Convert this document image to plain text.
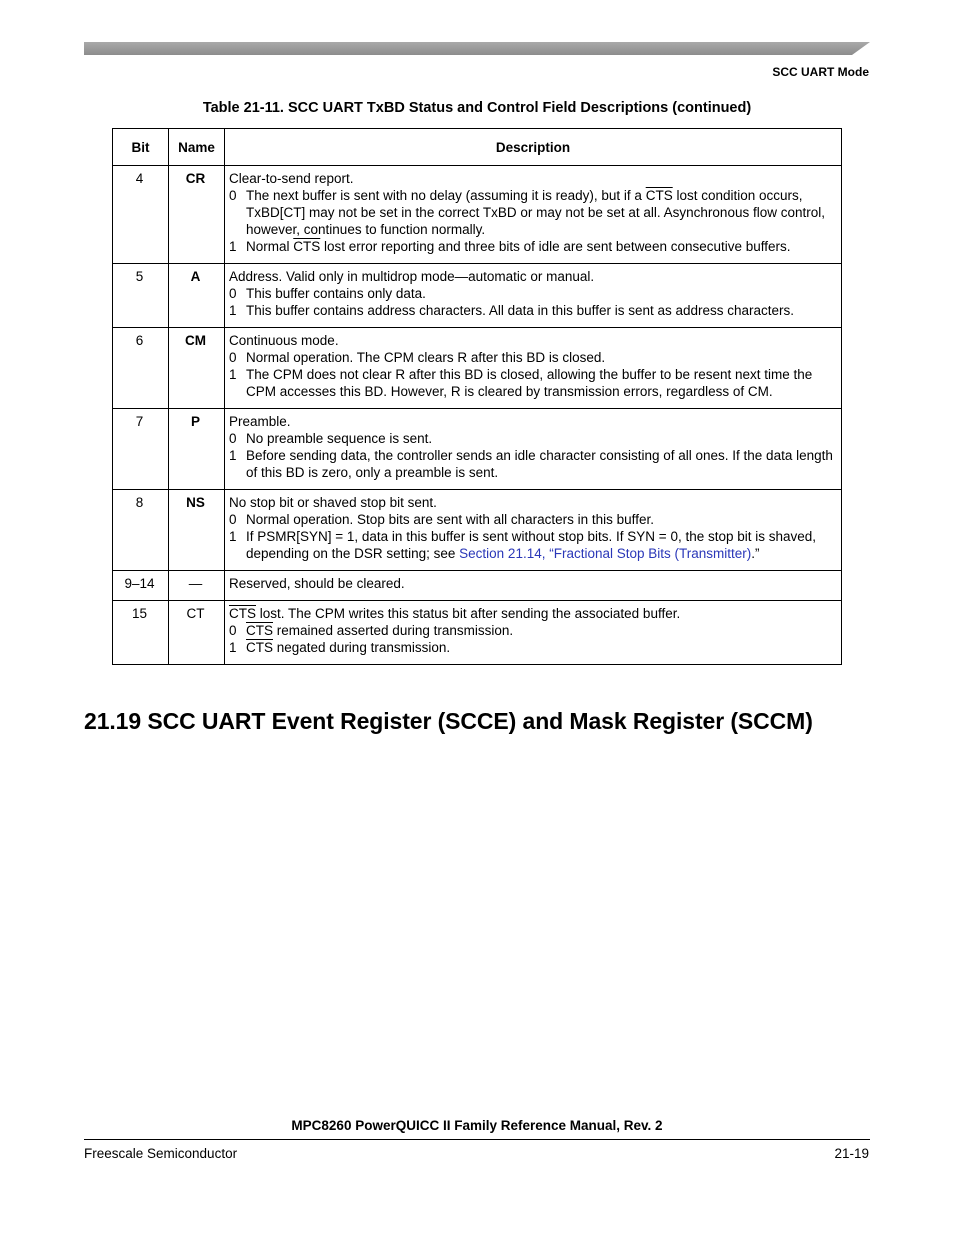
SCC UART Mode
Table 21-11. SCC UART TxBD Status and Control Field Descriptions (continued)
Bit	Name	Description
4	CR	Clear-to-send report.
0 The next buffer is sent with no delay (assuming it is ready), but if a $\overline{CTS}$ lost condition occurs, TxBD[CT] may not be set in the correct TxBD or may not be set at all. Asynchronous flow control, however, continues to function normally.
1 Normal $\overline{CTS}$ lost error reporting and three bits of idle are sent between consecutive buffers.

5	A	Address. Valid only in multidrop mode—automatic or manual.
0 This buffer contains only data.
1 This buffer contains address characters. All data in this buffer is sent as address characters.

6	CM	Continuous mode.
0 Normal operation. The CPM clears R after this BD is closed.
1 The CPM does not clear R after this BD is closed, allowing the buffer to be resent next time the CPM accesses this BD. However, R is cleared by transmission errors, regardless of CM.

7	P	Preamble.
0 No preamble sequence is sent.
1 Before sending data, the controller sends an idle character consisting of all ones. If the data length of this BD is zero, only a preamble is sent.

8	NS	No stop bit or shaved stop bit sent.
0 Normal operation. Stop bits are sent with all characters in this buffer.
1 If PSMR[SYN] = 1, data in this buffer is sent without stop bits. If SYN = 0, the stop bit is shaved, depending on the DSR setting; see Section 21.14, “Fractional Stop Bits (Transmitter).”

9–14	—	Reserved, should be cleared.

15	CT	$\overline{CTS}$ lost. The CPM writes this status bit after sending the associated buffer.
0 $\overline{CTS}$ remained asserted during transmission.
1 $\overline{CTS}$ negated during transmission.
21.19 SCC UART Event Register (SCCE) and Mask Register (SCCM)
MPC8260 PowerQUICC II Family Reference Manual, Rev. 2
Freescale Semiconductor	21-19
